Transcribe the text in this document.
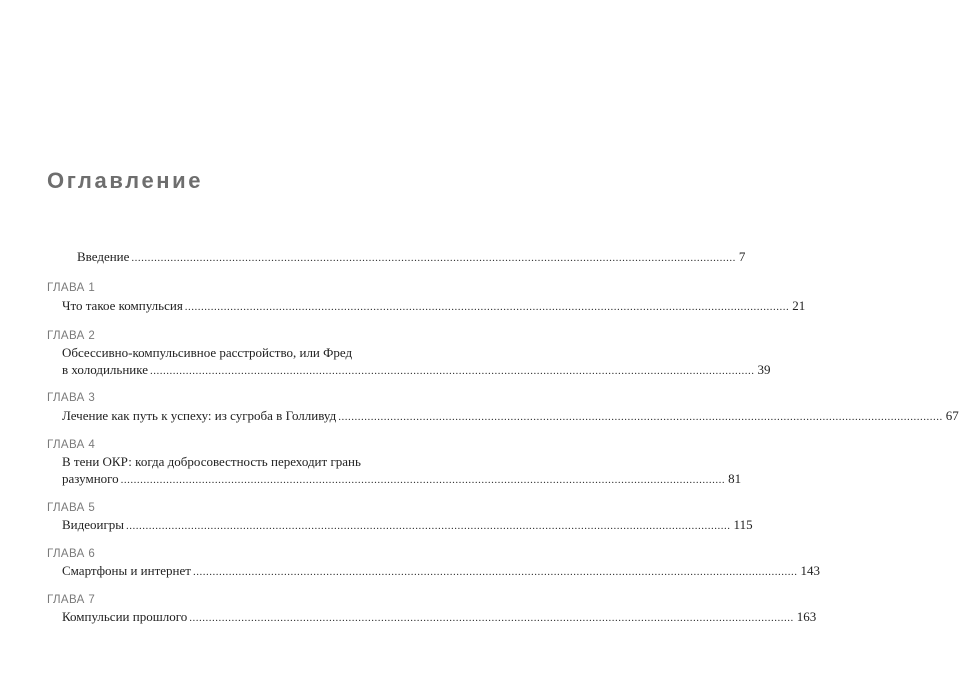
Оглавление
Введение .......................................................................................................................................................................................... 7
ГЛАВА 1
Что такое компульсия .......................................................................................................................................................................................... 21
ГЛАВА 2
Обсессивно-компульсивное расстройство, или Фред
в холодильнике .......................................................................................................................................................................................... 39
ГЛАВА 3
Лечение как путь к успеху: из сугроба в Голливуд .......................................................................................................................................................................................... 67
ГЛАВА 4
В тени ОКР: когда добросовестность переходит грань
разумного .......................................................................................................................................................................................... 81
ГЛАВА 5
Видеоигры .......................................................................................................................................................................................... 115
ГЛАВА 6
Смартфоны и интернет .......................................................................................................................................................................................... 143
ГЛАВА 7
Компульсии прошлого .......................................................................................................................................................................................... 163
